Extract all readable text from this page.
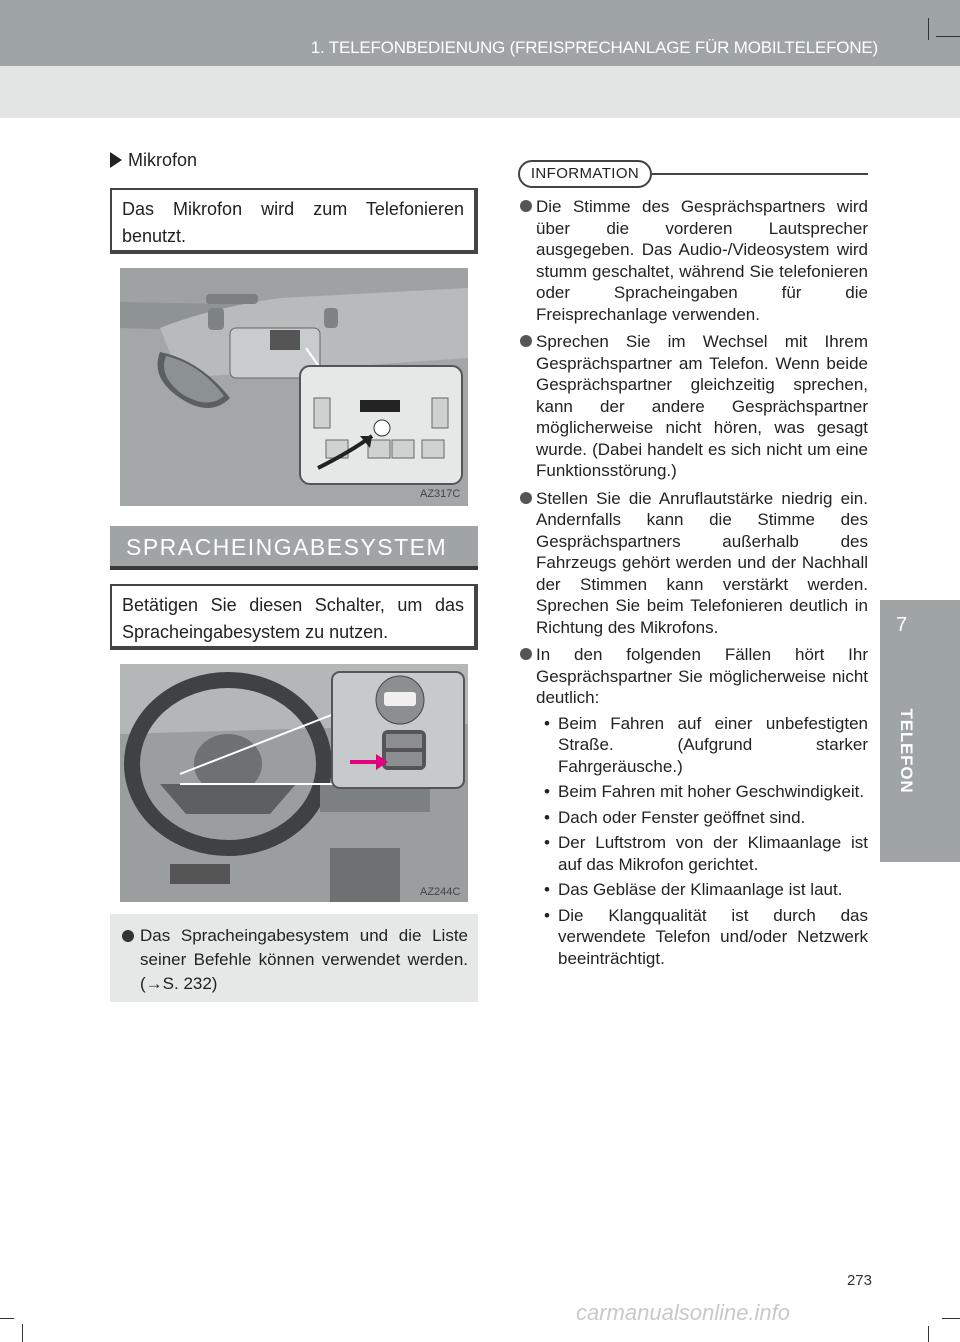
1. TELEFONBEDIENUNG (FREISPRECHANLAGE FÜR MOBILTELEFONE)
7
TELEFON
Mikrofon
Das Mikrofon wird zum Telefonieren benutzt.
AZ317C
SPRACHEINGABESYSTEM
Betätigen Sie diesen Schalter, um das Spracheingabesystem zu nutzen.
AZ244C
Das Spracheingabesystem und die Liste seiner Befehle können verwendet werden. (→S. 232)
INFORMATION
Die Stimme des Gesprächspartners wird über die vorderen Lautsprecher ausgegeben. Das Audio-/Videosystem wird stumm geschaltet, während Sie telefonieren oder Spracheingaben für die Freisprechanlage verwenden.
Sprechen Sie im Wechsel mit Ihrem Gesprächspartner am Telefon. Wenn beide Gesprächspartner gleichzeitig sprechen, kann der andere Gesprächspartner möglicherweise nicht hören, was gesagt wurde. (Dabei handelt es sich nicht um eine Funktionsstörung.)
Stellen Sie die Anruflautstärke niedrig ein. Andernfalls kann die Stimme des Gesprächspartners außerhalb des Fahrzeugs gehört werden und der Nachhall der Stimmen kann verstärkt werden. Sprechen Sie beim Telefonieren deutlich in Richtung des Mikrofons.
In den folgenden Fällen hört Ihr Gesprächspartner Sie möglicherweise nicht deutlich:
• Beim Fahren auf einer unbefestigten Straße. (Aufgrund starker Fahrgeräusche.)
• Beim Fahren mit hoher Geschwindigkeit.
• Dach oder Fenster geöffnet sind.
• Der Luftstrom von der Klimaanlage ist auf das Mikrofon gerichtet.
• Das Gebläse der Klimaanlage ist laut.
• Die Klangqualität ist durch das verwendete Telefon und/oder Netzwerk beeinträchtigt.
273
carmanualsonline.info
